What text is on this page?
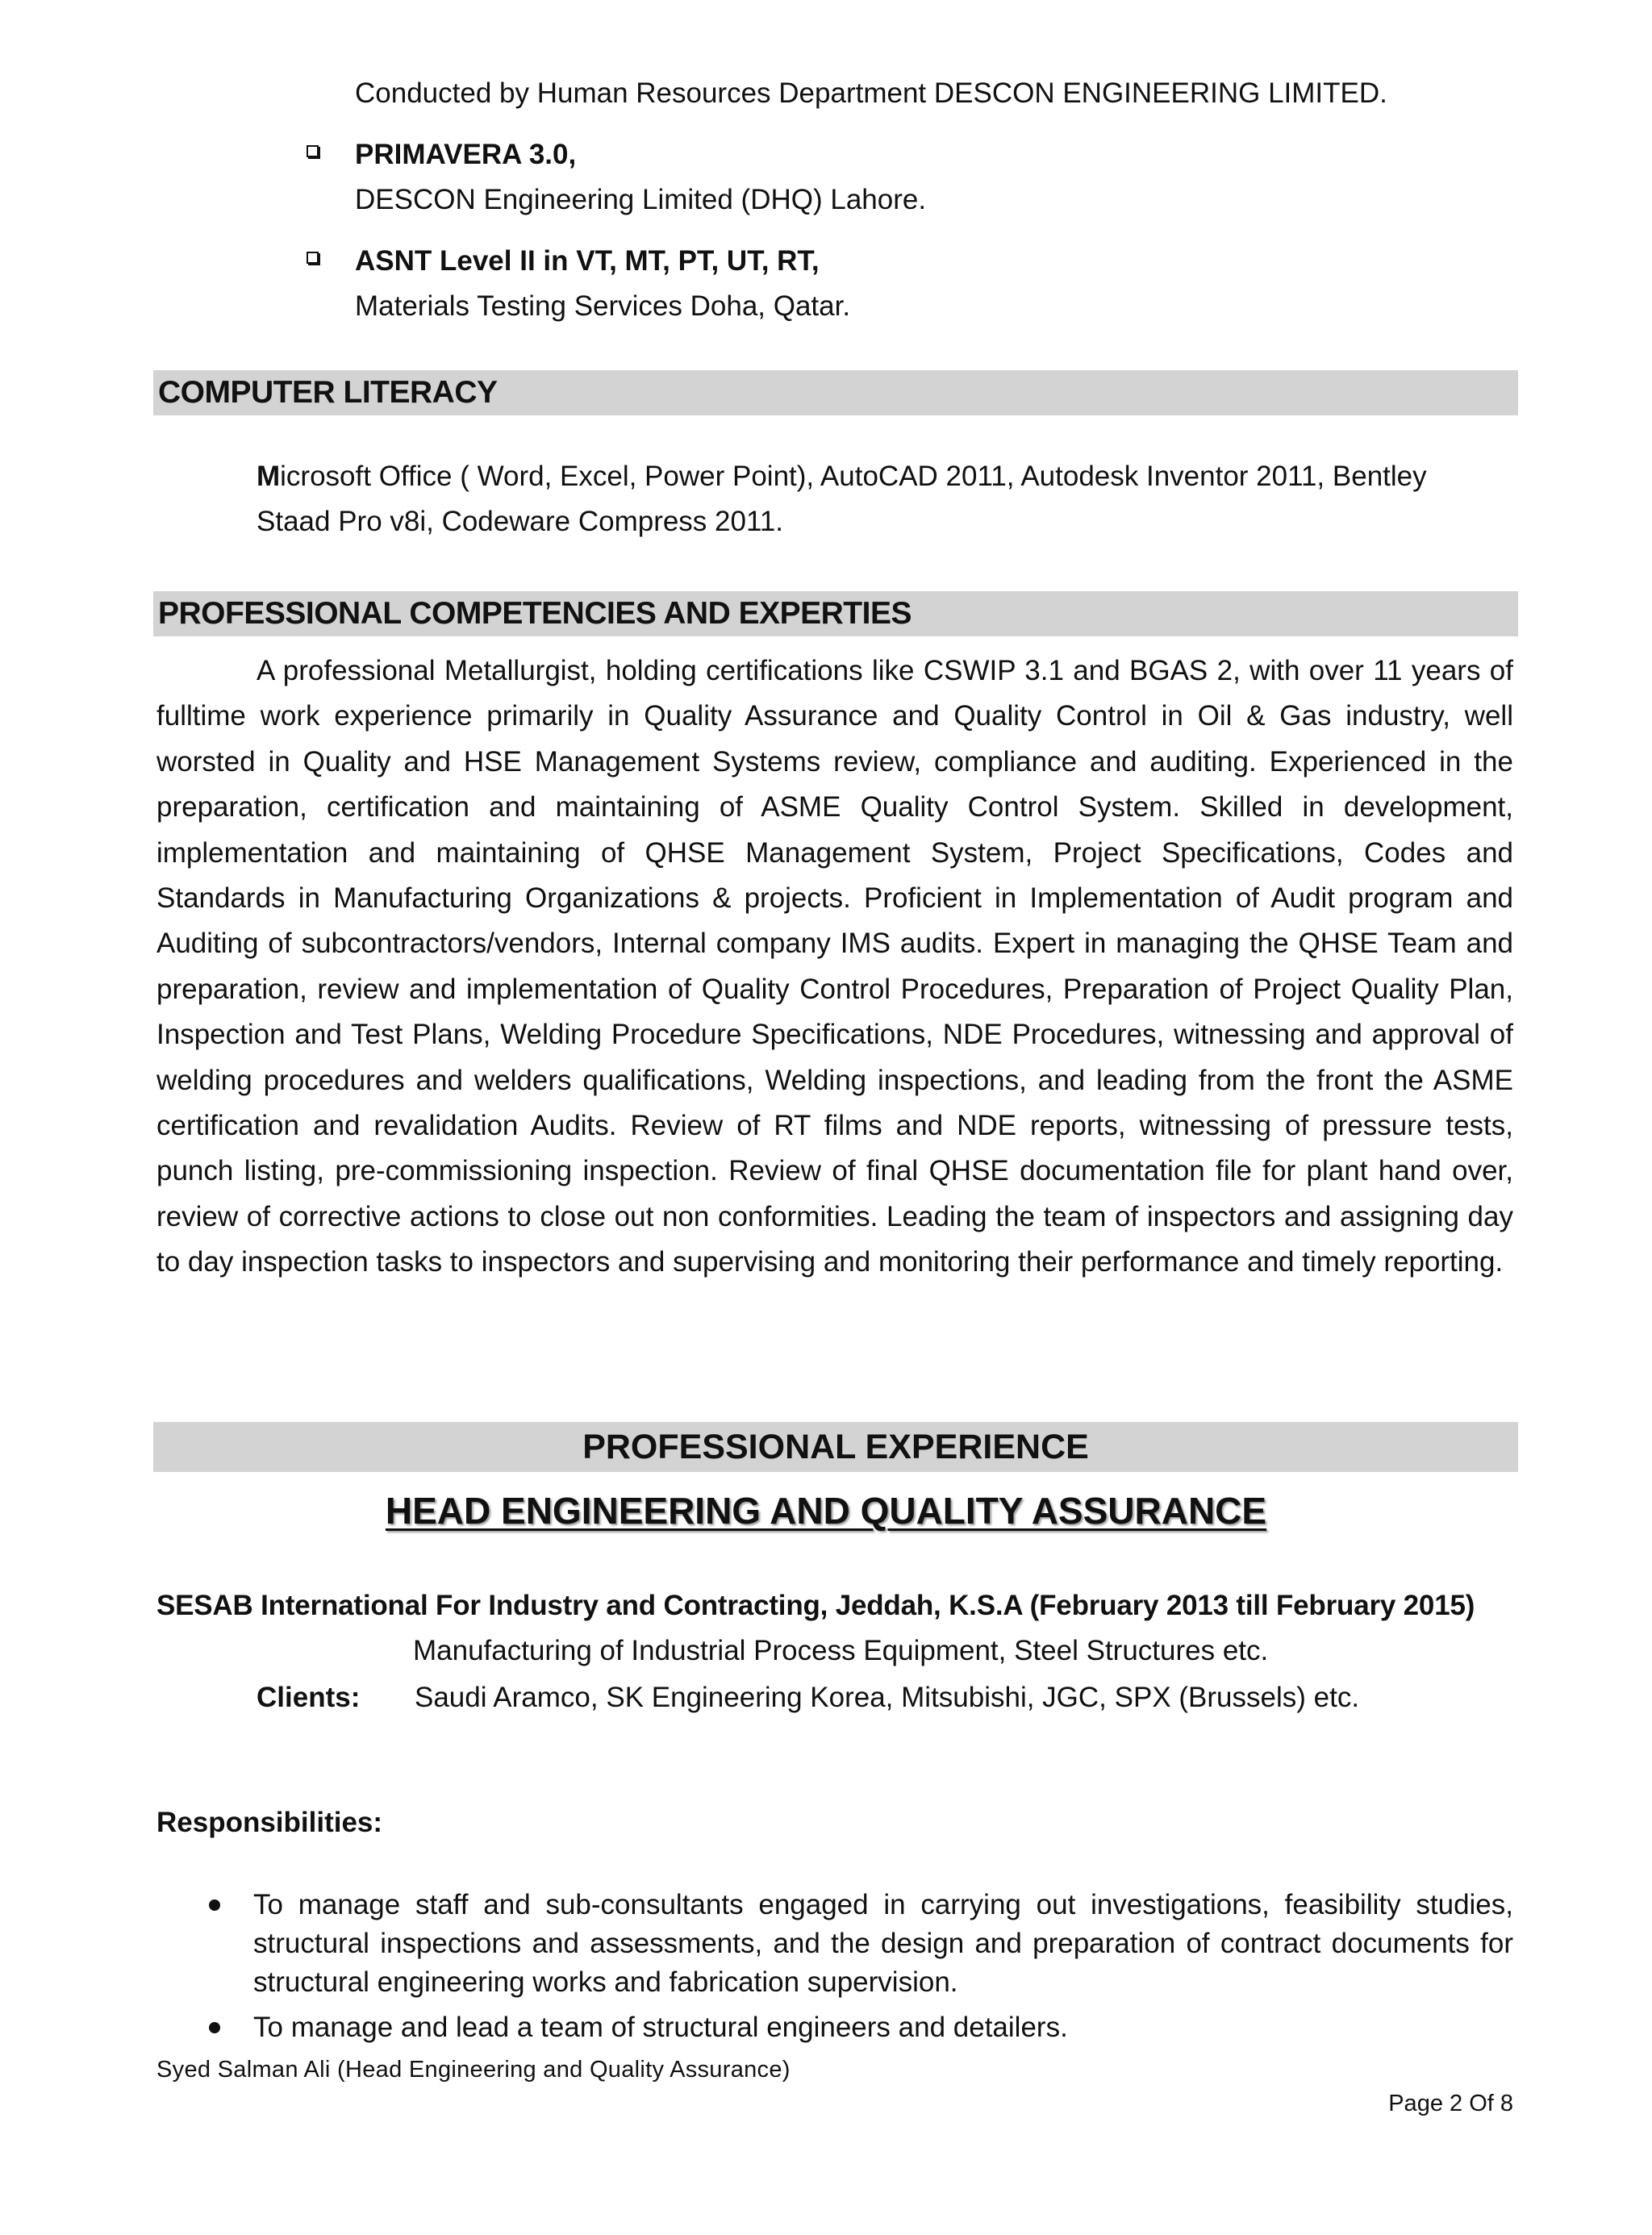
Conducted by Human Resources Department DESCON ENGINEERING LIMITED.
PRIMAVERA 3.0,
DESCON Engineering Limited (DHQ) Lahore.
ASNT Level II in VT, MT, PT, UT, RT,
Materials Testing Services Doha, Qatar.
COMPUTER LITERACY
Microsoft Office ( Word, Excel, Power Point), AutoCAD 2011, Autodesk Inventor 2011, Bentley
Staad Pro v8i, Codeware Compress 2011.
PROFESSIONAL COMPETENCIES AND EXPERTIES
A professional Metallurgist, holding certifications like CSWIP 3.1 and BGAS 2, with over 11 years of fulltime work experience primarily in Quality Assurance and Quality Control in Oil & Gas industry, well worsted in Quality and HSE Management Systems review, compliance and auditing. Experienced in the preparation, certification and maintaining of ASME Quality Control System. Skilled in development, implementation and maintaining of QHSE Management System, Project Specifications, Codes and Standards in Manufacturing Organizations & projects. Proficient in Implementation of Audit program and Auditing of subcontractors/vendors, Internal company IMS audits. Expert in managing the QHSE Team and preparation, review and implementation of Quality Control Procedures, Preparation of Project Quality Plan, Inspection and Test Plans, Welding Procedure Specifications, NDE Procedures, witnessing and approval of welding procedures and welders qualifications, Welding inspections, and leading from the front the ASME certification and revalidation Audits. Review of RT films and NDE reports, witnessing of pressure tests, punch listing, pre-commissioning inspection. Review of final QHSE documentation file for plant hand over, review of corrective actions to close out non conformities. Leading the team of inspectors and assigning day to day inspection tasks to inspectors and supervising and monitoring their performance and timely reporting.
PROFESSIONAL EXPERIENCE
HEAD ENGINEERING AND QUALITY ASSURANCE
SESAB International For Industry and Contracting, Jeddah, K.S.A (February 2013 till February 2015)
Manufacturing of Industrial Process Equipment, Steel Structures etc.
Clients: Saudi Aramco, SK Engineering Korea, Mitsubishi, JGC, SPX (Brussels) etc.
Responsibilities:
To manage staff and sub-consultants engaged in carrying out investigations, feasibility studies, structural inspections and assessments, and the design and preparation of contract documents for structural engineering works and fabrication supervision.
To manage and lead a team of structural engineers and detailers.
Syed Salman Ali (Head Engineering and Quality Assurance)
Page 2 Of 8
